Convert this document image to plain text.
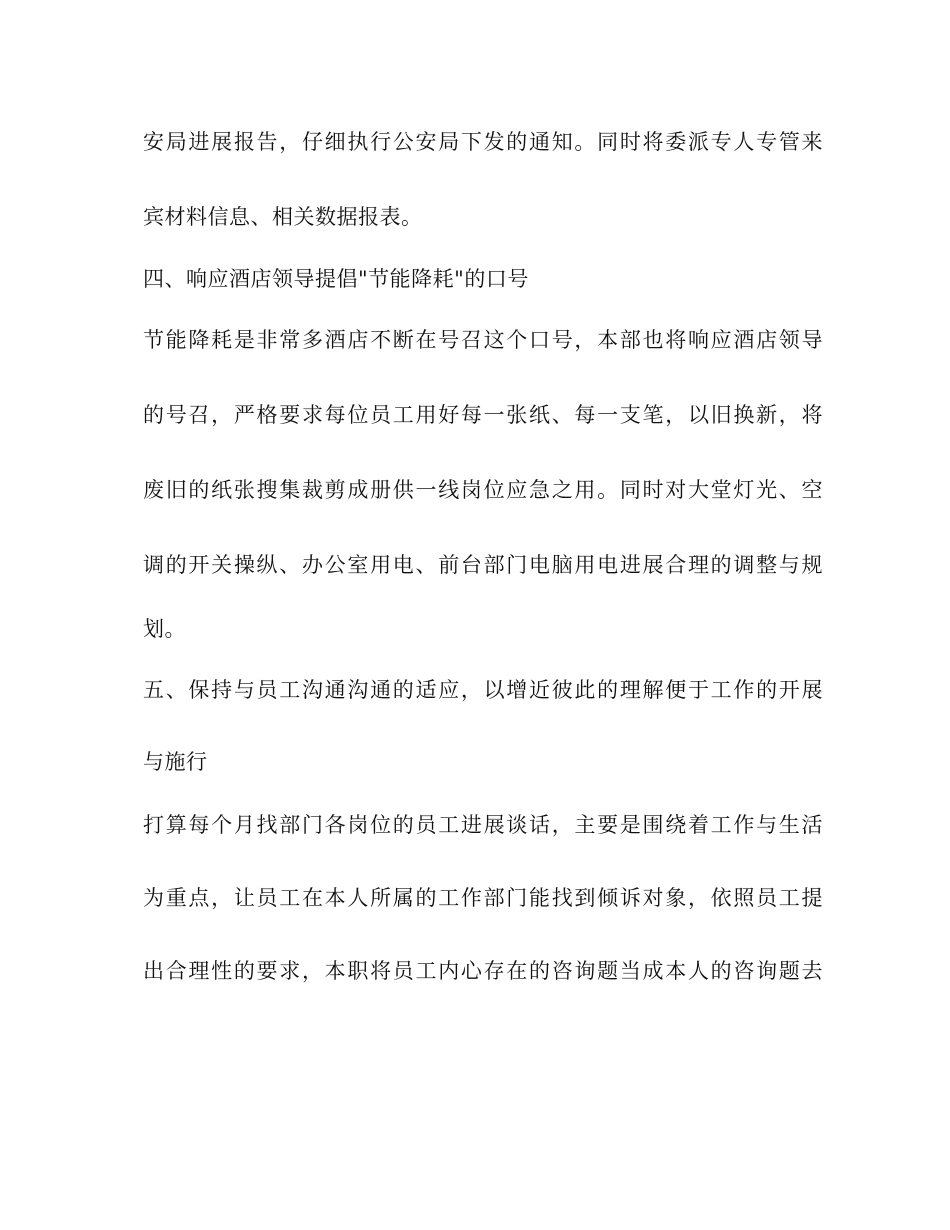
安局进展报告，仔细执行公安局下发的通知。同时将委派专人专管来
宾材料信息、相关数据报表。
四、响应酒店领导提倡"节能降耗"的口号
节能降耗是非常多酒店不断在号召这个口号，本部也将响应酒店领导
的号召，严格要求每位员工用好每一张纸、每一支笔，以旧换新，将
废旧的纸张搜集裁剪成册供一线岗位应急之用。同时对大堂灯光、空
调的开关操纵、办公室用电、前台部门电脑用电进展合理的调整与规
划。
五、保持与员工沟通沟通的适应，以增近彼此的理解便于工作的开展
与施行
打算每个月找部门各岗位的员工进展谈话，主要是围绕着工作与生活
为重点，让员工在本人所属的工作部门能找到倾诉对象，依照员工提
出合理性的要求，本职将员工内心存在的咨询题当成本人的咨询题去
